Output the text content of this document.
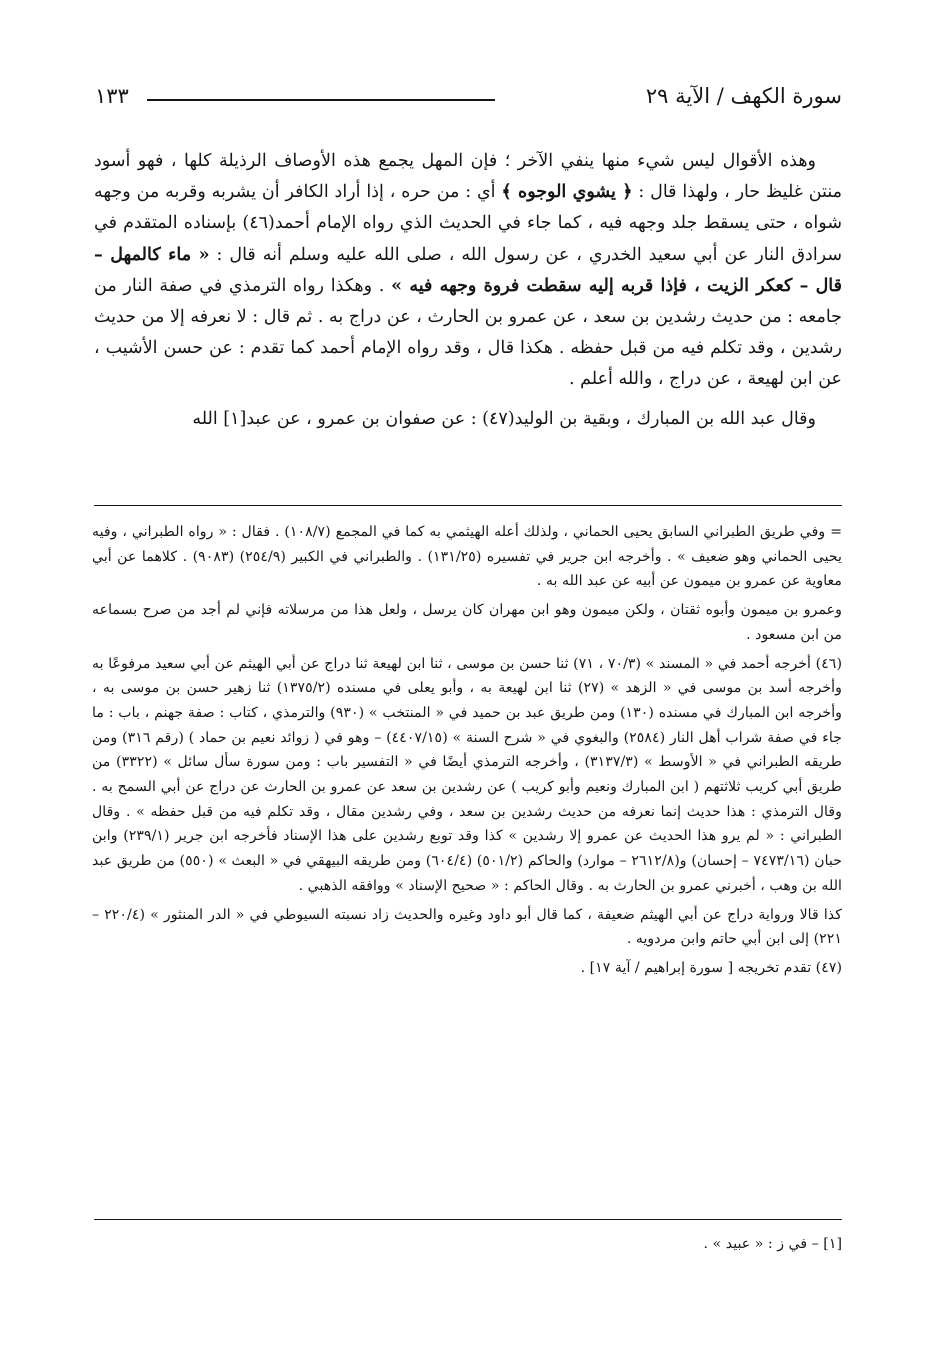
سورة الكهف / الآية ٢٩
١٣٣

وهذه الأقوال ليس شيء منها ينفي الآخر ؛ فإن المهل يجمع هذه الأوصاف الرذيلة كلها ، فهو أسود منتن غليظ حار ، ولهذا قال : ﴿ يشوي الوجوه ﴾ أي : من حره ، إذا أراد الكافر أن يشربه وقربه من وجهه شواه ، حتى يسقط جلد وجهه فيه ، كما جاء في الحديث الذي رواه الإمام أحمد(٤٦) بإسناده المتقدم في سرادق النار عن أبي سعيد الخدري ، عن رسول الله ، صلى الله عليه وسلم أنه قال : « ماء كالمهل – قال – كعكر الزيت ، فإذا قربه إليه سقطت فروة وجهه فيه » . وهكذا رواه الترمذي في صفة النار من جامعه : من حديث رشدين بن سعد ، عن عمرو بن الحارث ، عن دراج به . ثم قال : لا نعرفه إلا من حديث رشدين ، وقد تكلم فيه من قبل حفظه . هكذا قال ، وقد رواه الإمام أحمد كما تقدم : عن حسن الأشيب ، عن ابن لهيعة ، عن دراج ، والله أعلم .

وقال عبد الله بن المبارك ، وبقية بن الوليد(٤٧) : عن صفوان بن عمرو ، عن عبد[١] الله

= وفي طريق الطبراني السابق يحيى الحماني ، ولذلك أعله الهيثمي به كما في المجمع (١٠٨/٧) . فقال : « رواه الطبراني ، وفيه يحيى الحماني وهو ضعيف » . وأخرجه ابن جرير في تفسيره (١٣١/٢٥) . والطبراني في الكبير (٢٥٤/٩) (٩٠٨٣) . كلاهما عن أبي معاوية عن عمرو بن ميمون عن أبيه عن عبد الله به .

وعمرو بن ميمون وأبوه ثقتان ، ولكن ميمون وهو ابن مهران كان يرسل ، ولعل هذا من مرسلاته فإني لم أجد من صرح بسماعه من ابن مسعود .

(٤٦) أخرجه أحمد في « المسند » (٧٠/٣ ، ٧١) ثنا حسن بن موسى ، ثنا ابن لهيعة ثنا دراج عن أبي الهيثم عن أبي سعيد مرفوعًا به وأخرجه أسد بن موسى في « الزهد » (٢٧) ثنا ابن لهيعة به ، وأبو يعلى في مسنده (١٣٧٥/٢) ثنا زهير حسن بن موسى به ، وأخرجه ابن المبارك في مسنده (١٣٠) ومن طريق عبد بن حميد في « المنتخب » (٩٣٠) والترمذي ، كتاب : صفة جهنم ، باب : ما جاء في صفة شراب أهل النار (٢٥٨٤) والبغوي في « شرح السنة » (٤٤٠٧/١٥) – وهو في ( زوائد نعيم بن حماد ) (رقم ٣١٦) ومن طريقه الطبراني في « الأوسط » (٣١٣٧/٣) ، وأخرجه الترمذي أيضًا في « التفسير باب : ومن سورة سأل سائل » (٣٣٢٢) من طريق أبي كريب ثلاثتهم ( ابن المبارك ونعيم وأبو كريب ) عن رشدين بن سعد عن عمرو بن الحارث عن دراج عن أبي السمح به . وقال الترمذي : هذا حديث إنما نعرفه من حديث رشدين بن سعد ، وفي رشدين مقال ، وقد تكلم فيه من قبل حفظه » . وقال الطبراني : « لم يرو هذا الحديث عن عمرو إلا رشدين » كذا وقد توبع رشدين على هذا الإسناد فأخرجه ابن جرير (٢٣٩/١) وابن حبان (٧٤٧٣/١٦ – إحسان) و(٢٦١٢/٨ – موارد) والحاكم (٥٠١/٢) (٦٠٤/٤) ومن طريقه البيهقي في « البعث » (٥٥٠) من طريق عبد الله بن وهب ، أخبرني عمرو بن الحارث به . وقال الحاكم : « صحيح الإسناد » ووافقه الذهبي .

كذا قالا ورواية دراج عن أبي الهيثم ضعيفة ، كما قال أبو داود وغيره والحديث زاد نسبته السيوطي في « الدر المنثور » (٢٢٠/٤ – ٢٢١) إلى ابن أبي حاتم وابن مردويه .

(٤٧) تقدم تخريجه [ سورة إبراهيم / آية ١٧] .

[١] – في ز : « عبيد » .
